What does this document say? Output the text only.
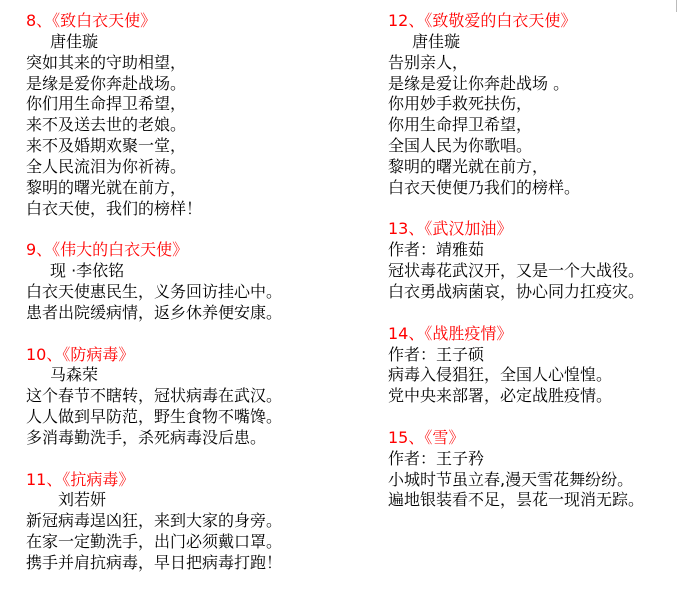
8、《致白衣天使》
唐佳璇
突如其来的守助相望，
是缘是爱你奔赴战场。
你们用生命捍卫希望，
来不及送去世的老娘。
来不及婚期欢聚一堂，
全人民流泪为你祈祷。
黎明的曙光就在前方，
白衣天使，我们的榜样！
9、《伟大的白衣天使》
现 ·李依铭
白衣天使惠民生，义务回访挂心中。
患者出院缓病情，返乡休养便安康。
10、《防病毒》
马森荣
这个春节不瞎转，冠状病毒在武汉。
人人做到早防范，野生食物不嘴馋。
多消毒勤洗手，杀死病毒没后患。
11、《抗病毒》
刘若妍
新冠病毒逞凶狂，来到大家的身旁。
在家一定勤洗手，出门必须戴口罩。
携手并肩抗病毒，早日把病毒打跑！
12、《致敬爱的白衣天使》
唐佳璇
告别亲人，
是缘是爱让你奔赴战场 。
你用妙手救死扶伤，
你用生命捍卫希望，
全国人民为你歌唱。
黎明的曙光就在前方，
白衣天使便乃我们的榜样。
13、《武汉加油》
作者：靖雅茹
冠状毒花武汉开，又是一个大战役。
白衣勇战病菌哀，协心同力扛疫灾。
14、《战胜疫情》
作者：王子硕
病毒入侵猖狂，全国人心惶惶。
党中央来部署，必定战胜疫情。
15、《雪》
作者：王子矜
小城时节虽立春,漫天雪花舞纷纷。
遍地银装看不足，昙花一现消无踪。
